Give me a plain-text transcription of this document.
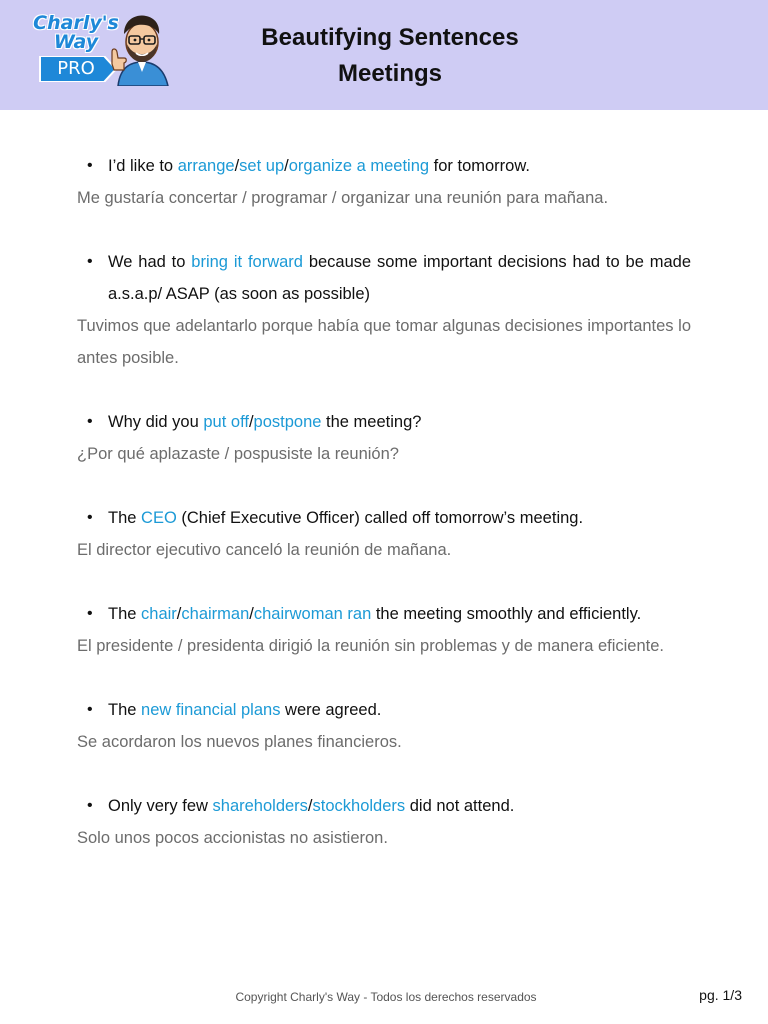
Charly's
Way
PRO
Beautifying Sentences
Meetings
• I’d like to arrange/set up/organize a meeting for tomorrow.
Me gustaría concertar / programar / organizar una reunión para mañana.
• We had to bring it forward because some important decisions had to be made a.s.a.p/ ASAP (as soon as possible)
Tuvimos que adelantarlo porque había que tomar algunas decisiones importantes lo antes posible.
• Why did you put off/postpone the meeting?
¿Por qué aplazaste / pospusiste la reunión?
• The CEO (Chief Executive Officer) called off tomorrow’s meeting.
El director ejecutivo canceló la reunión de mañana.
• The chair/chairman/chairwoman ran the meeting smoothly and efficiently.
El presidente / presidenta dirigió la reunión sin problemas y de manera eficiente.
• The new financial plans were agreed.
Se acordaron los nuevos planes financieros.
• Only very few shareholders/stockholders did not attend.
Solo unos pocos accionistas no asistieron.
Copyright Charly's Way - Todos los derechos reservados	pg. 1/3
